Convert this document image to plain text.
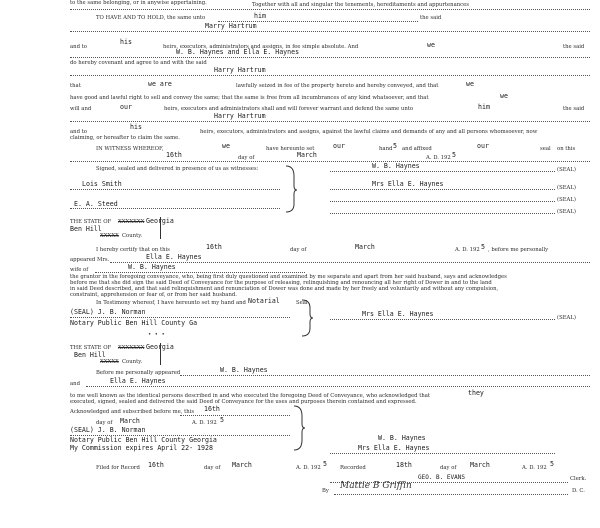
to the same belonging, or in anywise appertaining.	Together with all and singular the tenements, hereditaments and appurtenances
TO HAVE AND TO HOLD, the same unto	him	the said
Marry Hartrum
and to
his
heirs, executors, administrators and assigns, in fee simple absolute. And	we	the said
W. B. Haynes and Ella E. Haynes
do hereby covenant and agree to and with the said
Harry Hartrum
that	we are	lawfully seized in fee of the property hereto and hereby conveyed, and that	we
have good and lawful right to sell and convey the same; that the same is free from all incumbrances of any kind whatsoever, and that	we
will and	our	heirs, executors and administrators shall and will forever warrant and defend the same unto	him	the said
Harry Hartrum
and to
his
heirs, executors, administrators and assigns, against the lawful claims and demands of any and all persons whomsoever, now
claiming, or hereafter to claim the same.
IN WITNESS WHEREOF,	we	have hereunto set	our	hand 5 and affixed	our	seal on this
16th	day of	March	A. D. 192 5
Signed, sealed and delivered in presence of us as witnesses:
Lois Smith
E. A. Steed
W. B. Haynes	(SEAL)
Mrs Ella E. Haynes	(SEAL)
(SEAL)
(SEAL)
THE STATE OF XXXXXXX Georgia
Ben Hill
XXXXX County.
I hereby certify that on this	16th	day of	March	A. D. 192 5 , before me personally
appeared Mrs.	Ella E. Haynes
wife of	W. B. Haynes
the grantor in the foregoing conveyance, who, being first duly questioned and examined by me separate and apart from her said husband, says and acknowledges
before me that she did sign the said Deed of Conveyance for the purpose of releasing, relinquishing and renouncing all her right of Dower in and to the land
in said Deed described, and that said relinquishment and renunciation of Dower was done and made by her freely and voluntarily and without any compulsion,
constraint, apprehension or fear of, or from her said husband.
In Testimony whereof, I have hereunto set my hand and Notarial	Seal
(SEAL) J. B. Norman
Notary Public Ben Hill County Ga
• • •
Mrs Ella E. Haynes	(SEAL)
THE STATE OF XXXXXXX Georgia
Ben Hill
XXXXX County.
Before me personally appeared	W. B. Haynes
and	Ella E. Haynes
to me well known as the identical persons described in and who executed the foregoing Deed of Conveyance, who acknowledged that	they
executed, signed, sealed and delivered the said Deed of Conveyance for the uses and purposes therein contained and expressed.
Acknowledged and subscribed before me, this 16th
day of March	A. D. 192 5
(SEAL) J. B. Norman
Notary Public Ben Hill County Georgia
My Commission expires April 22- 1928
W. B. Haynes
Mrs Ella E. Haynes
Filed for Record 16th	day of March	A. D. 192 5 Recorded	18th	day of March	A. D. 192 5
GEO. B. EVANS	Clerk.
By Mattie B Griffin	D. C.
